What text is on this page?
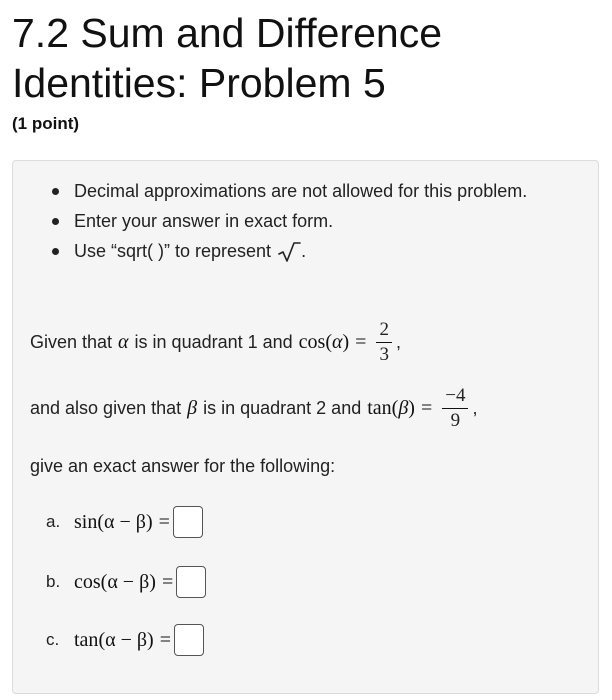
7.2 Sum and Difference Identities: Problem 5
(1 point)
Decimal approximations are not allowed for this problem.
Enter your answer in exact form.
Use “sqrt( )” to represent .
Given that α is in quadrant 1 and $\cos(\alpha) = \frac{2}{3}$ ,
and also given that β is in quadrant 2 and $\tan(\beta) = \frac{-4}{9}$ ,
give an exact answer for the following:
a. sin(α − β) =
b. cos(α − β) =
c. tan(α − β) =
